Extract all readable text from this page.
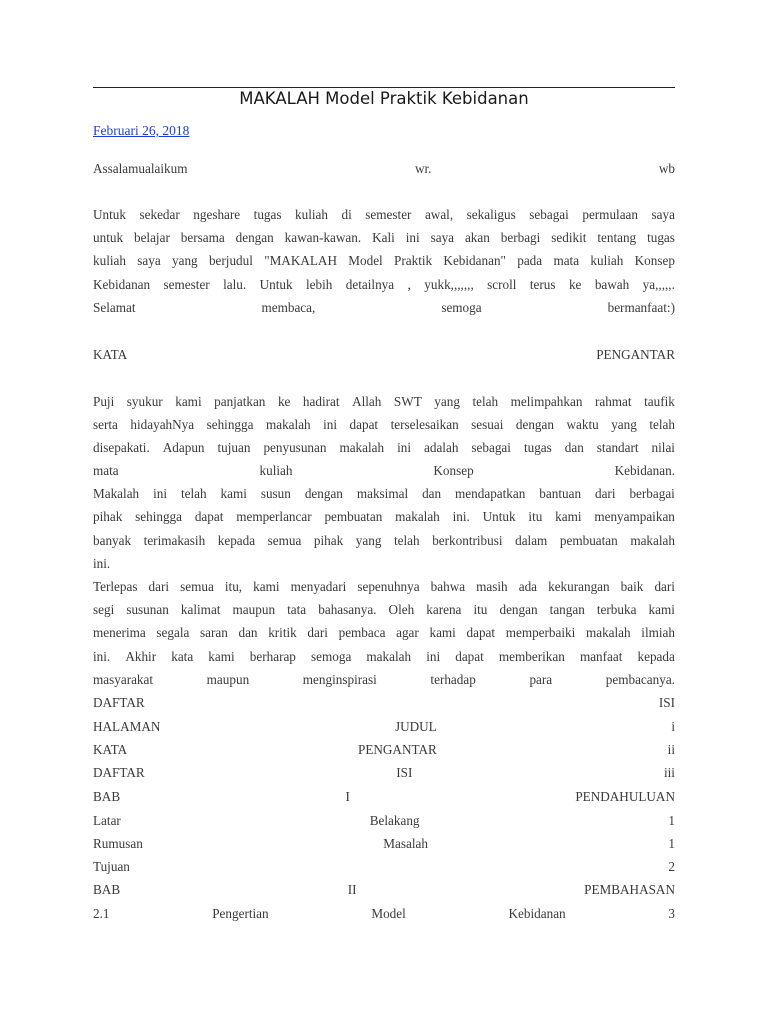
MAKALAH Model Praktik Kebidanan
Februari 26, 2018
Assalamualaikum	wr.	wb
Untuk sekedar ngeshare tugas kuliah di semester awal, sekaligus sebagai permulaan saya
untuk belajar bersama dengan kawan-kawan. Kali ini saya akan berbagi sedikit tentang tugas
kuliah saya yang berjudul "MAKALAH Model Praktik Kebidanan" pada mata kuliah Konsep
Kebidanan semester lalu. Untuk lebih detailnya , yukk,,,,,,, scroll terus ke bawah ya,,,,,.
Selamat	membaca,	semoga	bermanfaat:)
KATA	PENGANTAR
Puji syukur kami panjatkan ke hadirat Allah SWT yang telah melimpahkan rahmat taufik
serta hidayahNya sehingga makalah ini dapat terselesaikan sesuai dengan waktu yang telah
disepakati. Adapun tujuan penyusunan makalah ini adalah sebagai tugas dan standart nilai
mata	kuliah	Konsep	Kebidanan.
Makalah ini telah kami susun dengan maksimal dan mendapatkan bantuan dari berbagai
pihak sehingga dapat memperlancar pembuatan makalah ini. Untuk itu kami menyampaikan
banyak terimakasih kepada semua pihak yang telah berkontribusi dalam pembuatan makalah
ini.
Terlepas dari semua itu, kami menyadari sepenuhnya bahwa masih ada kekurangan baik dari
segi susunan kalimat maupun tata bahasanya. Oleh karena itu dengan tangan terbuka kami
menerima segala saran dan kritik dari pembaca agar kami dapat memperbaiki makalah ilmiah
ini. Akhir kata kami berharap semoga makalah ini dapat memberikan manfaat kepada
masyarakat	maupun	menginspirasi	terhadap	para	pembacanya.
DAFTAR	ISI
HALAMAN	JUDUL	i
KATA	PENGANTAR	ii
DAFTAR	ISI	iii
BAB	I	PENDAHULUAN
Latar	Belakang	1
Rumusan	Masalah	1
Tujuan	2
BAB	II	PEMBAHASAN
2.1	Pengertian	Model	Kebidanan	3
